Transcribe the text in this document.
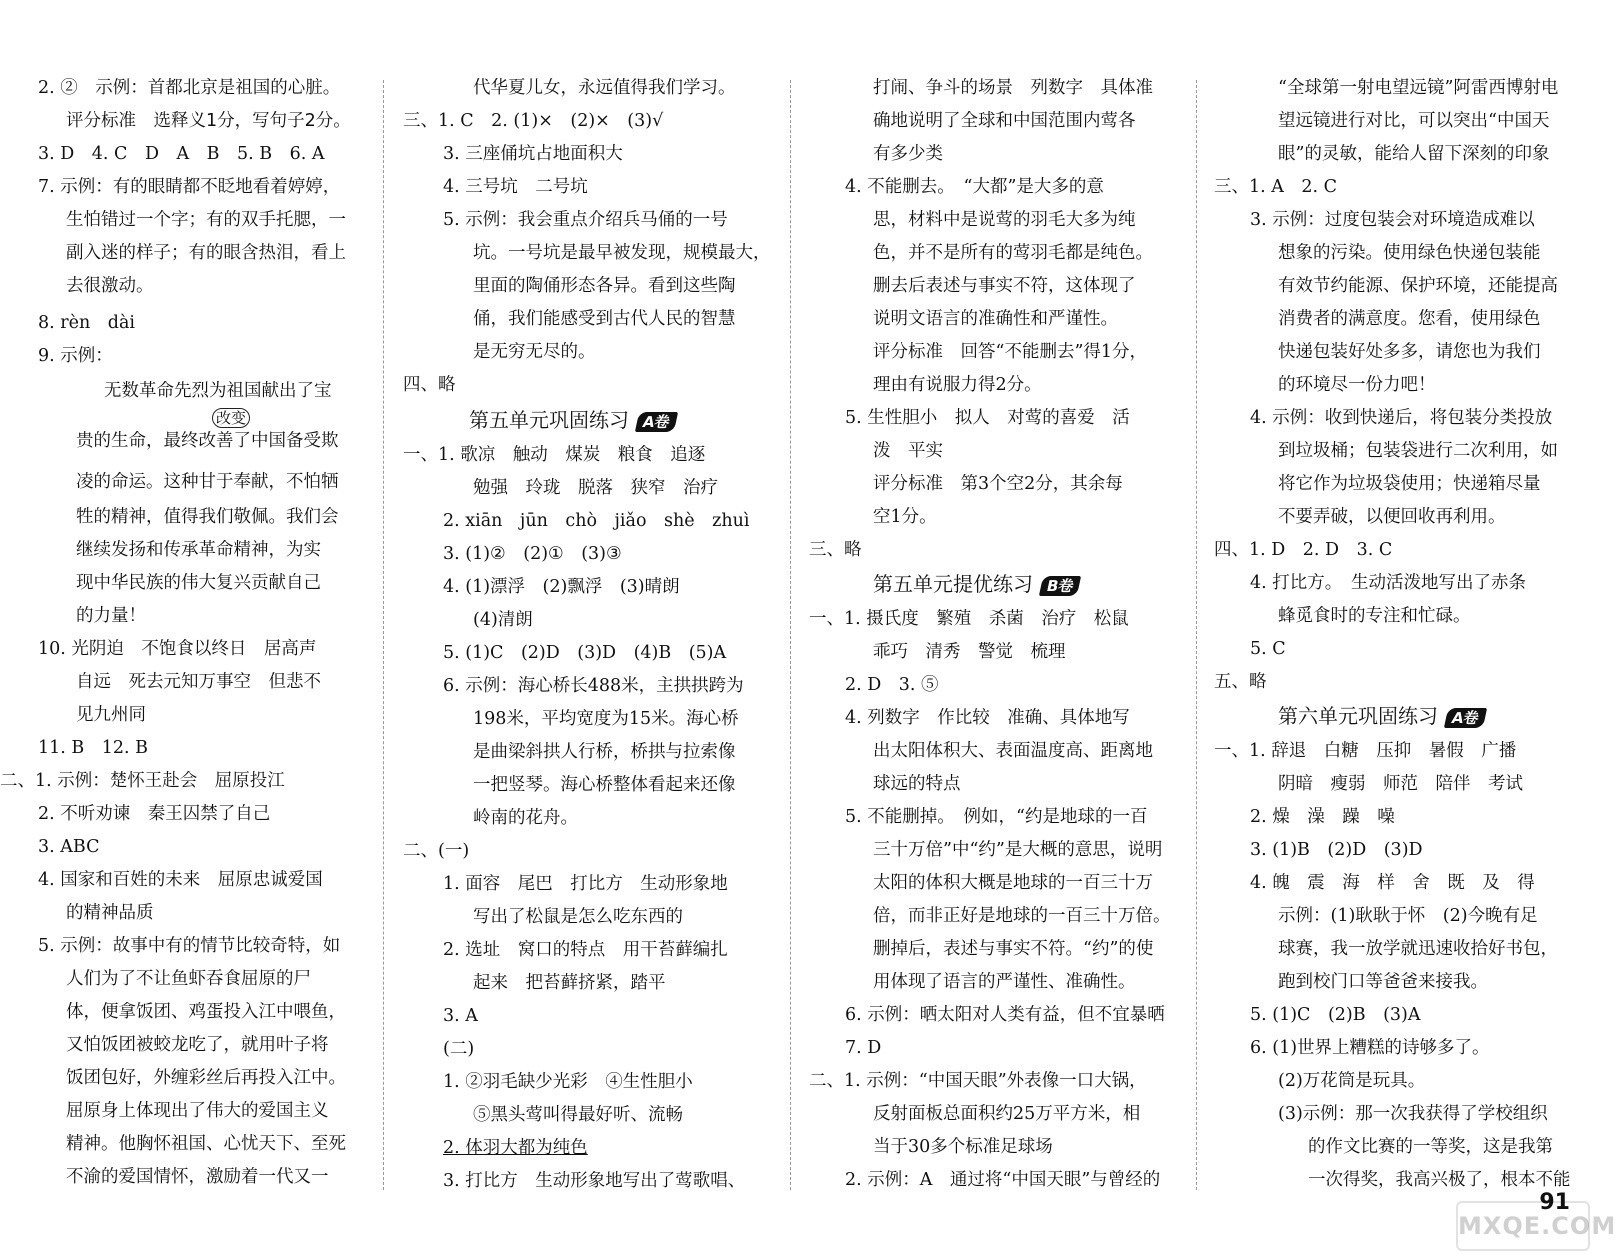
2. ②　示例：首都北京是祖国的心脏。
评分标准　选释义1分，写句子2分。
3. D　4. C　D　A　B　5. B　6. A
7. 示例：有的眼睛都不眨地看着婷婷，
生怕错过一个字；有的双手托腮，一
副入迷的样子；有的眼含热泪，看上
去很激动。
8. rèn　dài
9. 示例：
无数革命先烈为祖国献出了宝
改变
贵的生命，最终改善了中国备受欺
凌的命运。这种甘于奉献，不怕牺
牲的精神，值得我们敬佩。我们会
继续发扬和传承革命精神，为实
现中华民族的伟大复兴贡献自己
的力量！
10. 光阴迫　不饱食以终日　居高声
自远　死去元知万事空　但悲不
见九州同
11. B　12. B
二、1. 示例：楚怀王赴会　屈原投江
2. 不听劝谏　秦王囚禁了自己
3. ABC
4. 国家和百姓的未来　屈原忠诚爱国
的精神品质
5. 示例：故事中有的情节比较奇特，如
人们为了不让鱼虾吞食屈原的尸
体，便拿饭团、鸡蛋投入江中喂鱼，
又怕饭团被蛟龙吃了，就用叶子将
饭团包好，外缠彩丝后再投入江中。
屈原身上体现出了伟大的爱国主义
精神。他胸怀祖国、心忧天下、至死
不渝的爱国情怀，激励着一代又一
代华夏儿女，永远值得我们学习。
三、1. C　2. (1)×　(2)×　(3)√
3. 三座俑坑占地面积大
4. 三号坑　二号坑
5. 示例：我会重点介绍兵马俑的一号
坑。一号坑是最早被发现，规模最大，
里面的陶俑形态各异。看到这些陶
俑，我们能感受到古代人民的智慧
是无穷无尽的。
四、略
第五单元巩固练习 A卷
一、1. 歌凉　触动　煤炭　粮食　追逐
勉强　玲珑　脱落　狭窄　治疗
2. xiān　jūn　chò　jiǎo　shè　zhuì
3. (1)②　(2)①　(3)③
4. (1)漂浮　(2)飘浮　(3)晴朗
(4)清朗
5. (1)C　(2)D　(3)D　(4)B　(5)A
6. 示例：海心桥长488米，主拱拱跨为
198米，平均宽度为15米。海心桥
是曲梁斜拱人行桥，桥拱与拉索像
一把竖琴。海心桥整体看起来还像
岭南的花舟。
二、(一)
1. 面容　尾巴　打比方　生动形象地
写出了松鼠是怎么吃东西的
2. 选址　窝口的特点　用干苔藓编扎
起来　把苔藓挤紧，踏平
3. A
(二)
1. ②羽毛缺少光彩　④生性胆小
⑤黑头莺叫得最好听、流畅
2. 体羽大都为纯色
3. 打比方　生动形象地写出了莺歌唱、
打闹、争斗的场景　列数字　具体准
确地说明了全球和中国范围内莺各
有多少类
4. 不能删去。　“大都”是大多的意
思，材料中是说莺的羽毛大多为纯
色，并不是所有的莺羽毛都是纯色。
删去后表述与事实不符，这体现了
说明文语言的准确性和严谨性。
评分标准　回答“不能删去”得1分，
理由有说服力得2分。
5. 生性胆小　拟人　对莺的喜爱　活
泼　平实
评分标准　第3个空2分，其余每
空1分。
三、略
第五单元提优练习 B卷
一、1. 摄氏度　繁殖　杀菌　治疗　松鼠
乖巧　清秀　警觉　梳理
2. D　3. ⑤
4. 列数字　作比较　准确、具体地写
出太阳体积大、表面温度高、距离地
球远的特点
5. 不能删掉。　例如，“约是地球的一百
三十万倍”中“约”是大概的意思，说明
太阳的体积大概是地球的一百三十万
倍，而非正好是地球的一百三十万倍。
删掉后，表述与事实不符。“约”的使
用体现了语言的严谨性、准确性。
6. 示例：晒太阳对人类有益，但不宜暴晒
7. D
二、1. 示例：“中国天眼”外表像一口大锅，
反射面板总面积约25万平方米，相
当于30多个标准足球场
2. 示例：A　通过将“中国天眼”与曾经的
“全球第一射电望远镜”阿雷西博射电
望远镜进行对比，可以突出“中国天
眼”的灵敏，能给人留下深刻的印象
三、1. A　2. C
3. 示例：过度包装会对环境造成难以
想象的污染。使用绿色快递包装能
有效节约能源、保护环境，还能提高
消费者的满意度。您看，使用绿色
快递包装好处多多，请您也为我们
的环境尽一份力吧！
4. 示例：收到快递后，将包装分类投放
到垃圾桶；包装袋进行二次利用，如
将它作为垃圾袋使用；快递箱尽量
不要弄破，以便回收再利用。
四、1. D　2. D　3. C
4. 打比方。　生动活泼地写出了赤条
蜂觅食时的专注和忙碌。
5. C
五、略
第六单元巩固练习 A卷
一、1. 辞退　白糖　压抑　暑假　广播
阴暗　瘦弱　师范　陪伴　考试
2. 燥　澡　躁　噪
3. (1)B　(2)D　(3)D
4. 魄　震　海　样　舍　既　及　得
示例：(1)耿耿于怀　(2)今晚有足
球赛，我一放学就迅速收拾好书包，
跑到校门口等爸爸来接我。
5. (1)C　(2)B　(3)A
6. (1)世界上糟糕的诗够多了。
(2)万花筒是玩具。
(3)示例：那一次我获得了学校组织
的作文比赛的一等奖，这是我第
一次得奖，我高兴极了，根本不能
MXQE.COM
91
